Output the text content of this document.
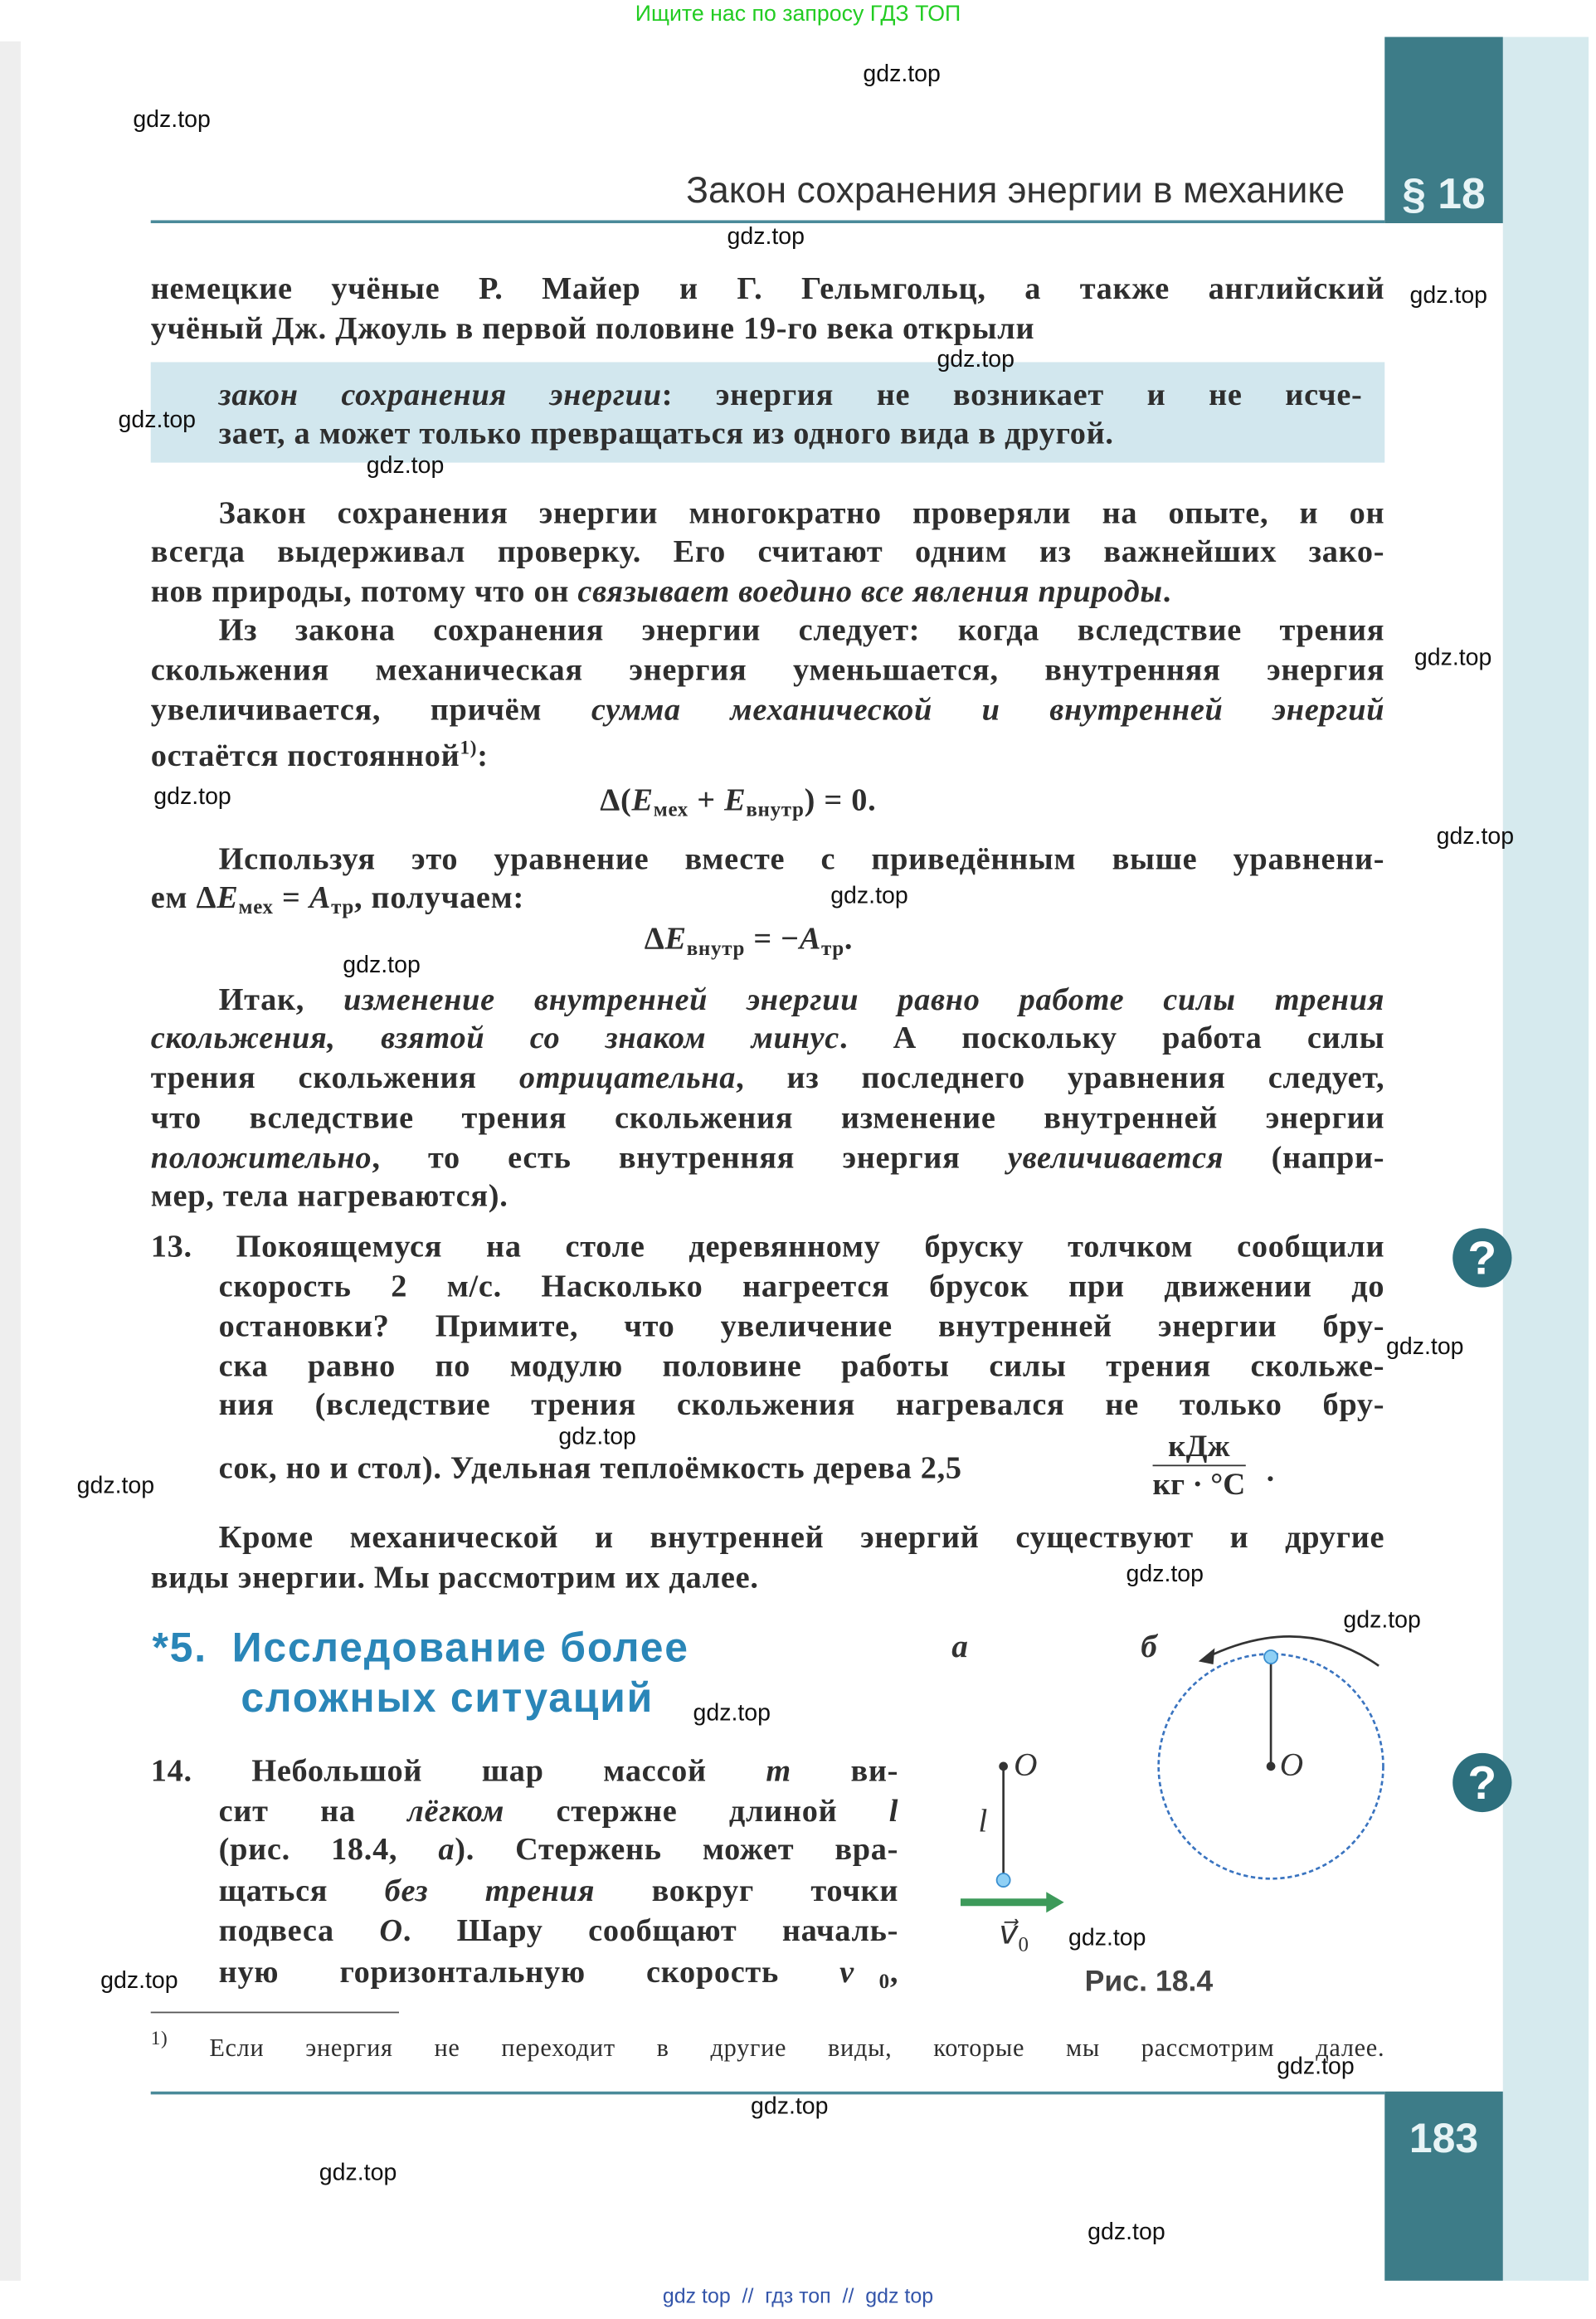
Ищите нас по запросу ГДЗ ТОП
Закон сохранения энергии в механике	§ 18
немецкие учёные Р. Майер и Г. Гельмгольц, а также английский
учёный Дж. Джоуль в первой половине 19-го века открыли
закон сохранения энергии: энергия не возникает и не исче-
зает, а может только превращаться из одного вида в другой.
Закон сохранения энергии многократно проверяли на опыте, и он
всегда выдерживал проверку. Его считают одним из важнейших зако-
нов природы, потому что он связывает воедино все явления природы.
Из закона сохранения энергии следует: когда вследствие трения
скольжения механическая энергия уменьшается, внутренняя энергия
увеличивается, причём сумма механической и внутренней энергий
остаётся постоянной$^{1)}$:
$\Delta(E_{мех} + E_{внутр}) = 0$.
Используя это уравнение вместе с приведённым выше уравнени-
ем $\Delta E_{мех} = A_{тр}$, получаем:
$\Delta E_{внутр} = -A_{тр}$.
Итак, изменение внутренней энергии равно работе силы трения
скольжения, взятой со знаком минус. А поскольку работа силы
трения скольжения отрицательна, из последнего уравнения следует,
что вследствие трения скольжения изменение внутренней энергии
положительно, то есть внутренняя энергия увеличивается (напри-
мер, тела нагреваются).
13. Покоящемуся на столе деревянному бруску толчком сообщили
скорость 2 м/с. Насколько нагреется брусок при движении до
остановки? Примите, что увеличение внутренней энергии бру-
ска равно по модулю половине работы силы трения скольже-
ния (вследствие трения скольжения нагревался не только бру-
сок, но и стол). Удельная теплоёмкость дерева 2,5
Кроме механической и внутренней энергий существуют и другие
виды энергии. Мы рассмотрим их далее.
14. Небольшой шар массой m ви-
сит на лёгком стержне длиной l
(рис. 18.4, а). Стержень может вра-
щаться без трения вокруг точки
подвеса O. Шару сообщают началь-
ную горизонтальную скорость $v⃗_0$,
$^{1)}$ Если энергия не переходит в другие виды, которые мы рассмотрим далее.
кДж
кг · °C .
*5. Исследование более
сложных ситуаций
а	б
O
l
$v⃗_0$
O
Рис. 18.4
183
?
?
gdz top  //  гдз топ  //  gdz top
gdz.top
gdz.top
gdz.top
gdz.top
gdz.top
gdz.top
gdz.top
gdz.top
gdz.top
gdz.top
gdz.top
gdz.top
gdz.top
gdz.top
gdz.top
gdz.top
gdz.top
gdz.top
gdz.top
gdz.top
gdz.top
gdz.top
gdz.top
gdz.top
